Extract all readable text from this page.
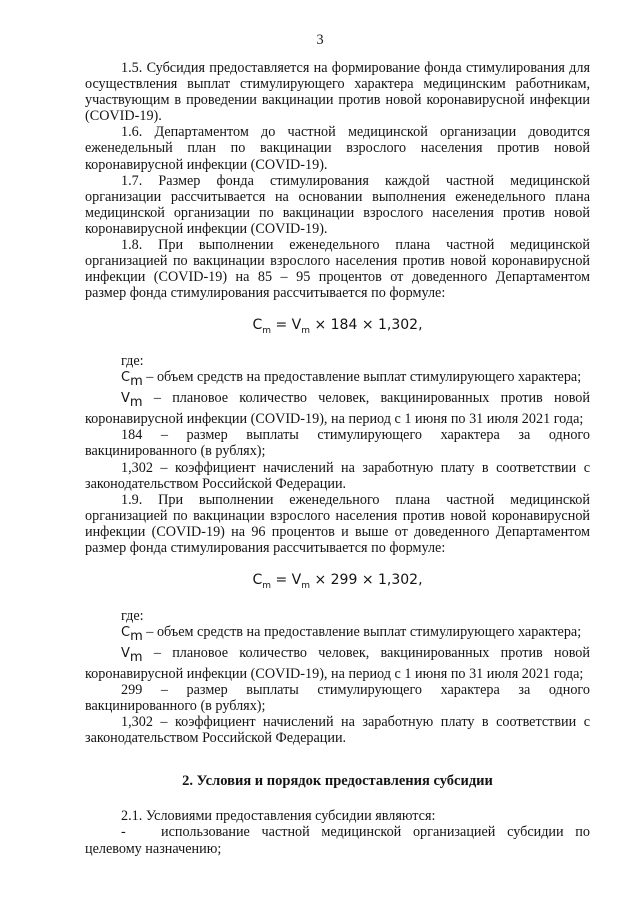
3

1.5. Субсидия предоставляется на формирование фонда стимулирования для осуществления выплат стимулирующего характера медицинским работникам, участвующим в проведении вакцинации против новой коронавирусной инфекции (COVID-19).

1.6. Департаментом до частной медицинской организации доводится еженедельный план по вакцинации взрослого населения против новой коронавирусной инфекции (COVID-19).

1.7. Размер фонда стимулирования каждой частной медицинской организации рассчитывается на основании выполнения еженедельного плана медицинской организации по вакцинации взрослого населения против новой коронавирусной инфекции (COVID-19).

1.8. При выполнении еженедельного плана частной медицинской организацией по вакцинации взрослого населения против новой коронавирусной инфекции (COVID-19) на 85 – 95 процентов от доведенного Департаментом размер фонда стимулирования рассчитывается по формуле:

$C_m = V_m \times 184 \times 1,302$,

где:

$C_m$ – объем средств на предоставление выплат стимулирующего характера;

$V_m$ – плановое количество человек, вакцинированных против новой коронавирусной инфекции (COVID-19), на период с 1 июня по 31 июля 2021 года;

184 – размер выплаты стимулирующего характера за одного вакцинированного (в рублях);

1,302 – коэффициент начислений на заработную плату в соответствии с законодательством Российской Федерации.

1.9. При выполнении еженедельного плана частной медицинской организацией по вакцинации взрослого населения против новой коронавирусной инфекции (COVID-19) на 96 процентов и выше от доведенного Департаментом размер фонда стимулирования рассчитывается по формуле:

$C_m = V_m \times 299 \times 1,302$,

где:

$C_m$ – объем средств на предоставление выплат стимулирующего характера;

$V_m$ – плановое количество человек, вакцинированных против новой коронавирусной инфекции (COVID-19), на период с 1 июня по 31 июля 2021 года;

299 – размер выплаты стимулирующего характера за одного вакцинированного (в рублях);

1,302 – коэффициент начислений на заработную плату в соответствии с законодательством Российской Федерации.

2. Условия и порядок предоставления субсидии

2.1. Условиями предоставления субсидии являются:

- использование частной медицинской организацией субсидии по целевому назначению;
